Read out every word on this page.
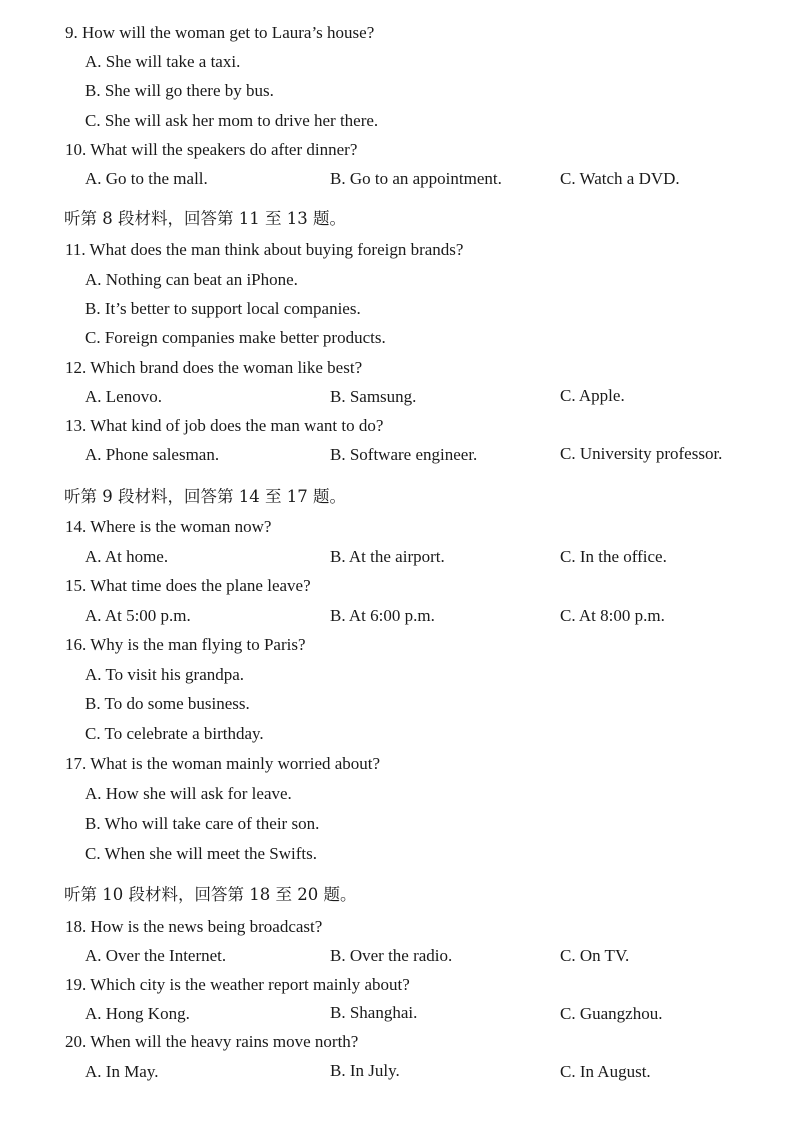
9. How will the woman get to Laura’s house?
A. She will take a taxi.
B. She will go there by bus.
C. She will ask her mom to drive her there.
10. What will the speakers do after dinner?
A. Go to the mall.	B. Go to an appointment.	C. Watch a DVD.
听第 8 段材料，回答第 11 至 13 题。
11. What does the man think about buying foreign brands?
A. Nothing can beat an iPhone.
B. It’s better to support local companies.
C. Foreign companies make better products.
12. Which brand does the woman like best?
A. Lenovo.	B. Samsung.	C. Apple.
13. What kind of job does the man want to do?
A. Phone salesman.	B. Software engineer.	C. University professor.
听第 9 段材料，回答第 14 至 17 题。
14. Where is the woman now?
A. At home.	B. At the airport.	C. In the office.
15. What time does the plane leave?
A. At 5:00 p.m.	B. At 6:00 p.m.	C. At 8:00 p.m.
16. Why is the man flying to Paris?
A. To visit his grandpa.
B. To do some business.
C. To celebrate a birthday.
17. What is the woman mainly worried about?
A. How she will ask for leave.
B. Who will take care of their son.
C. When she will meet the Swifts.
听第 10 段材料，回答第 18 至 20 题。
18. How is the news being broadcast?
A. Over the Internet.	B. Over the radio.	C. On TV.
19. Which city is the weather report mainly about?
A. Hong Kong.	B. Shanghai.	C. Guangzhou.
20. When will the heavy rains move north?
A. In May.	B. In July.	C. In August.
